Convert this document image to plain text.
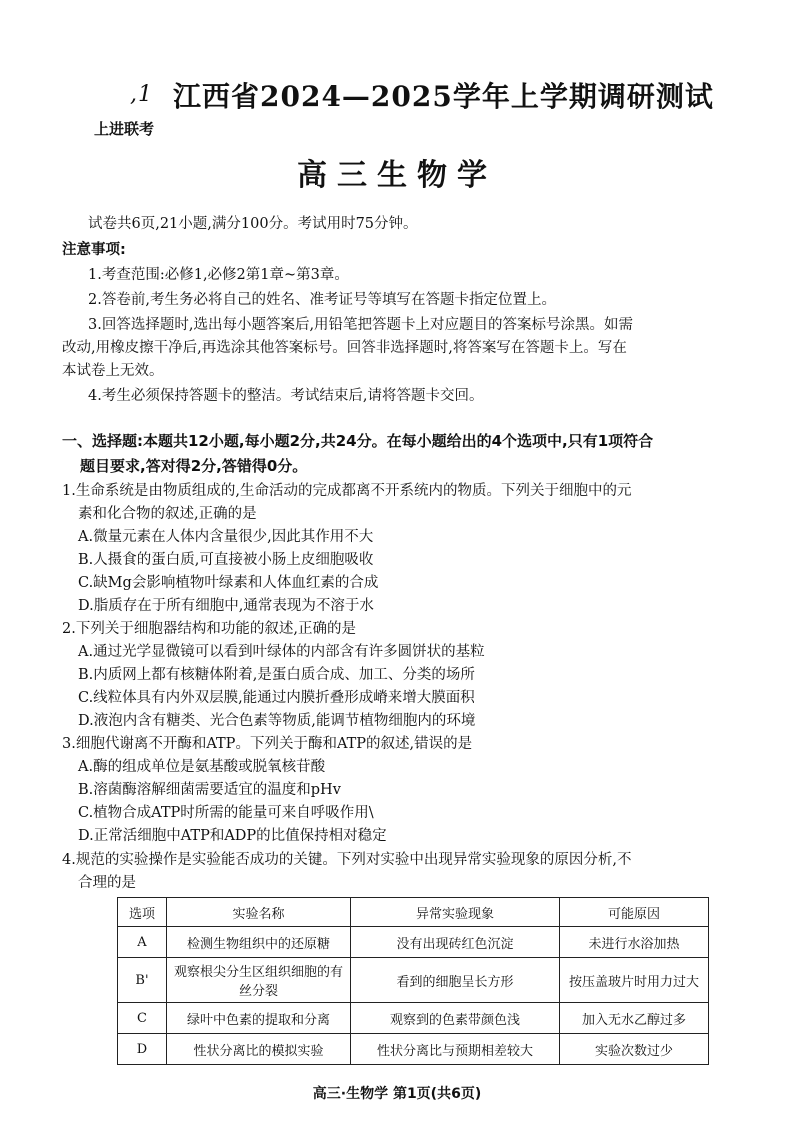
,1 江西省2024—2025学年上学期调研测试
上进联考
高三生物学
试卷共6页,21小题,满分100分。考试用时75分钟。
注意事项:
1.考查范围:必修1,必修2第1章~第3章。
2.答卷前,考生务必将自己的姓名、准考证号等填写在答题卡指定位置上。
3.回答选择题时,选出每小题答案后,用铅笔把答题卡上对应题目的答案标号涂黑。如需
改动,用橡皮擦干净后,再选涂其他答案标号。回答非选择题时,将答案写在答题卡上。写在
本试卷上无效。
4.考生必须保持答题卡的整洁。考试结束后,请将答题卡交回。
一、选择题:本题共12小题,每小题2分,共24分。在每小题给出的4个选项中,只有1项符合
题目要求,答对得2分,答错得0分。
1.生命系统是由物质组成的,生命活动的完成都离不开系统内的物质。下列关于细胞中的元
素和化合物的叙述,正确的是
A.微量元素在人体内含量很少,因此其作用不大
B.人摄食的蛋白质,可直接被小肠上皮细胞吸收
C.缺Mg会影响植物叶绿素和人体血红素的合成
D.脂质存在于所有细胞中,通常表现为不溶于水
2.下列关于细胞器结构和功能的叙述,正确的是
A.通过光学显微镜可以看到叶绿体的内部含有许多圆饼状的基粒
B.内质网上都有核糖体附着,是蛋白质合成、加工、分类的场所
C.线粒体具有内外双层膜,能通过内膜折叠形成嵴来增大膜面积
D.液泡内含有糖类、光合色素等物质,能调节植物细胞内的环境
3.细胞代谢离不开酶和ATP。下列关于酶和ATP的叙述,错误的是
A.酶的组成单位是氨基酸或脱氧核苷酸
B.溶菌酶溶解细菌需要适宜的温度和pHv
C.植物合成ATP时所需的能量可来自呼吸作用\
D.正常活细胞中ATP和ADP的比值保持相对稳定
4.规范的实验操作是实验能否成功的关键。下列对实验中出现异常实验现象的原因分析,不
合理的是
选项	实验名称	异常实验现象	可能原因
A	检测生物组织中的还原糖	没有出现砖红色沉淀	未进行水浴加热
B'	观察根尖分生区组织细胞的有丝分裂	看到的细胞呈长方形	按压盖玻片时用力过大
C	绿叶中色素的提取和分离	观察到的色素带颜色浅	加入无水乙醇过多
D	性状分离比的模拟实验	性状分离比与预期相差较大	实验次数过少
高三·生物学 第1页(共6页)
